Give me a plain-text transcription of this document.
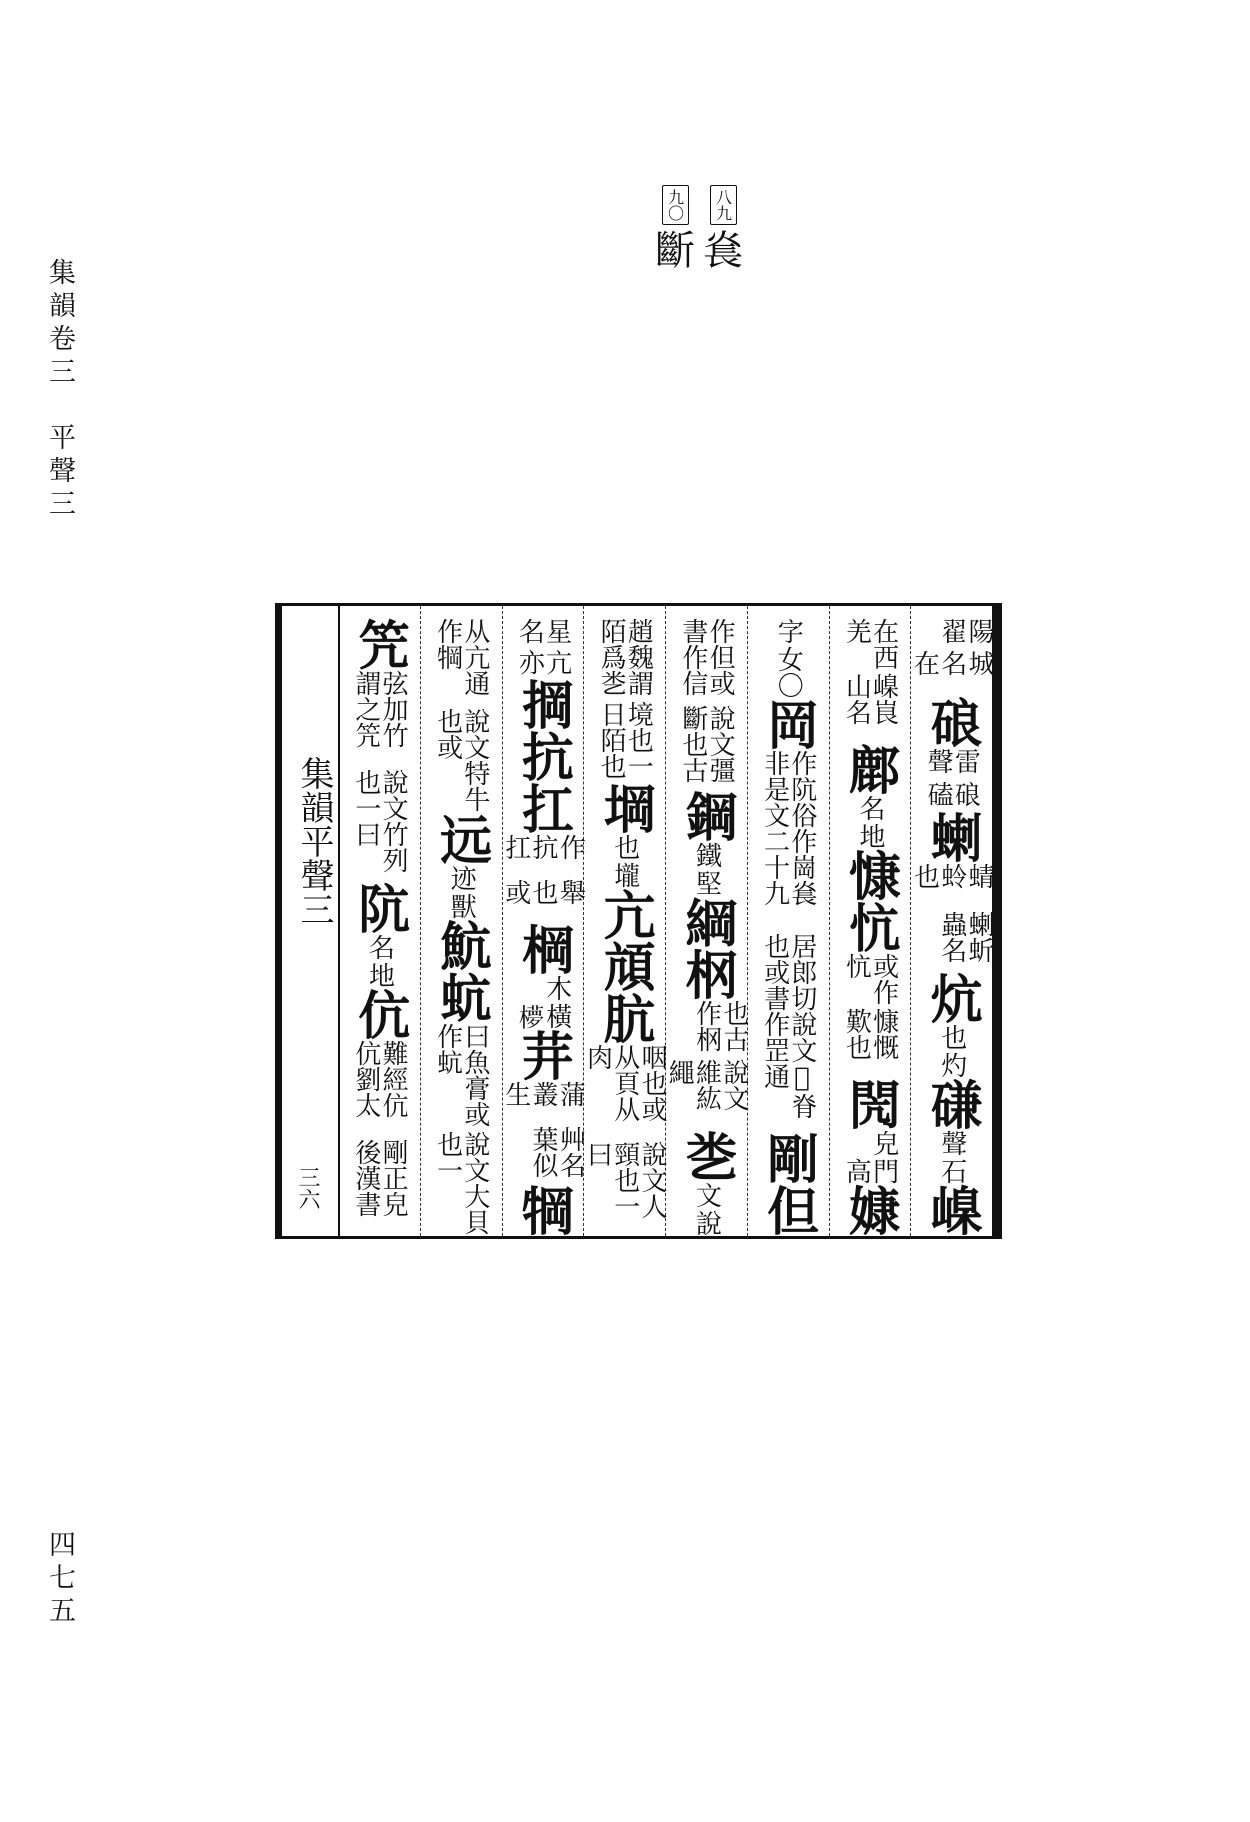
集韻卷三　平聲三
四七五
八九
㷃
九〇
斷
集韻平聲三
三六
城名在
陽翟
硠
硠磕
雷聲
蝲
蝲蚚蟲名
蜻蛉也
炕
灼
也
磏
石
聲
嵲
嵲峎山名
在西羌
鄜
地
名
慷
忼
慷慨歎也
或作忼
閌
門高
皃
嫝
女
字
〇
岡
居郎切說文𡵨脊也或書作罡通
作阬俗作崗㷃非是文二十九
剛
但
說文彊斷也古
作但或書作信
鋼
堅
鐵
綱
㭎
說文維紘繩
也古作㭎
㐘
說
文
境也一日陌也
趙魏謂陌爲㐘
堈
壠
也
亢
頏
肮
說文人頸也一曰
咽也或从頁从肉
亢亦
星名
掆
抗
扛
舉也或
作抗扛
棡
橫𣟃
木
茾
艸名葉似
蒲叢生
犅
說文特牛也或
从亢通作犅
远
獸
迹
魧
蚢
說文大貝也一
曰魚膏或作蚢
笐
說文竹列也一曰
弦加竹謂之笐
阬
地
名
伉
剛正皃後漢書
難經伉伉劉太
